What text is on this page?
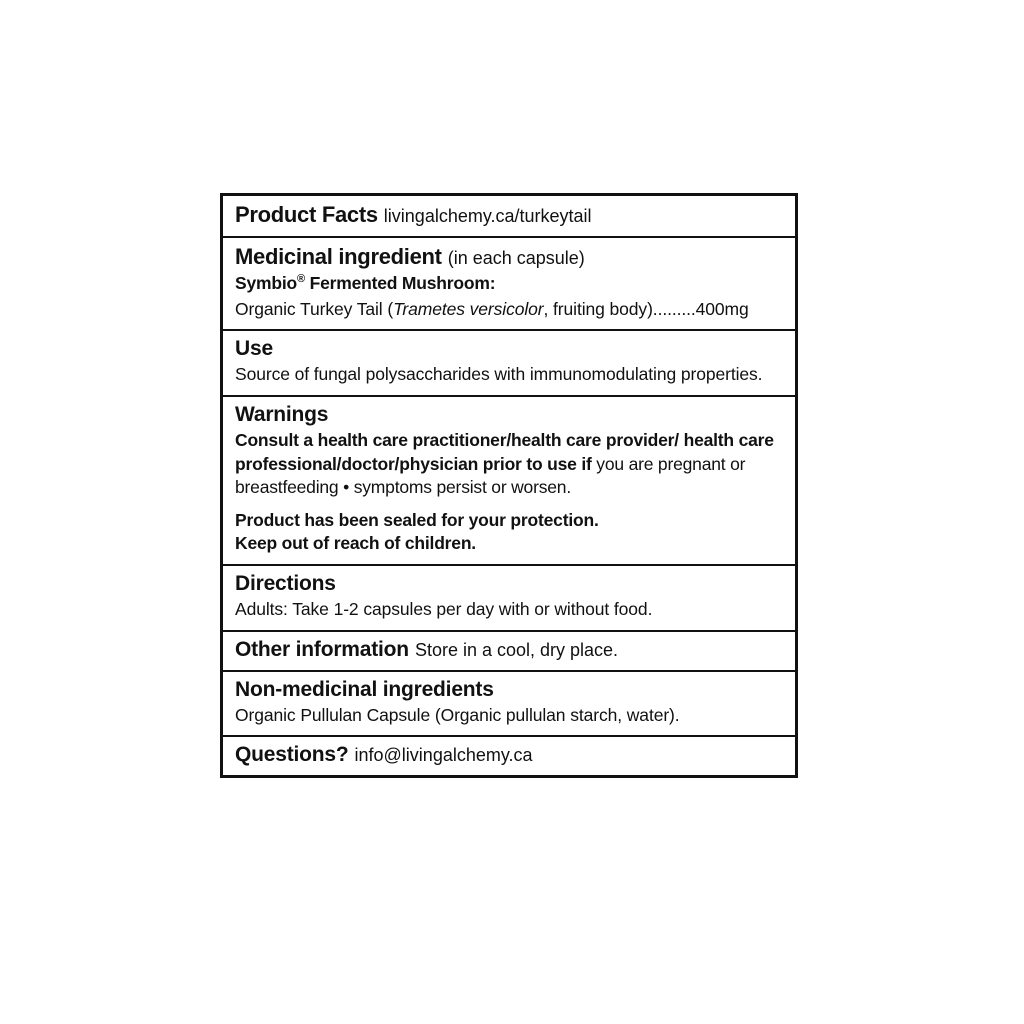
Product Facts livingalchemy.ca/turkeytail
Medicinal ingredient (in each capsule)

Symbio® Fermented Mushroom:

Organic Turkey Tail (Trametes versicolor, fruiting body).........400mg

Use

Source of fungal polysaccharides with immunomodulating properties.

Warnings

Consult a health care practitioner/health care provider/ health care professional/doctor/physician prior to use if you are pregnant or breastfeeding • symptoms persist or worsen.

Product has been sealed for your protection.

Keep out of reach of children.

Directions

Adults: Take 1-2 capsules per day with or without food.

Other information Store in a cool, dry place.
Non-medicinal ingredients

Organic Pullulan Capsule (Organic pullulan starch, water).

Questions? info@livingalchemy.ca
